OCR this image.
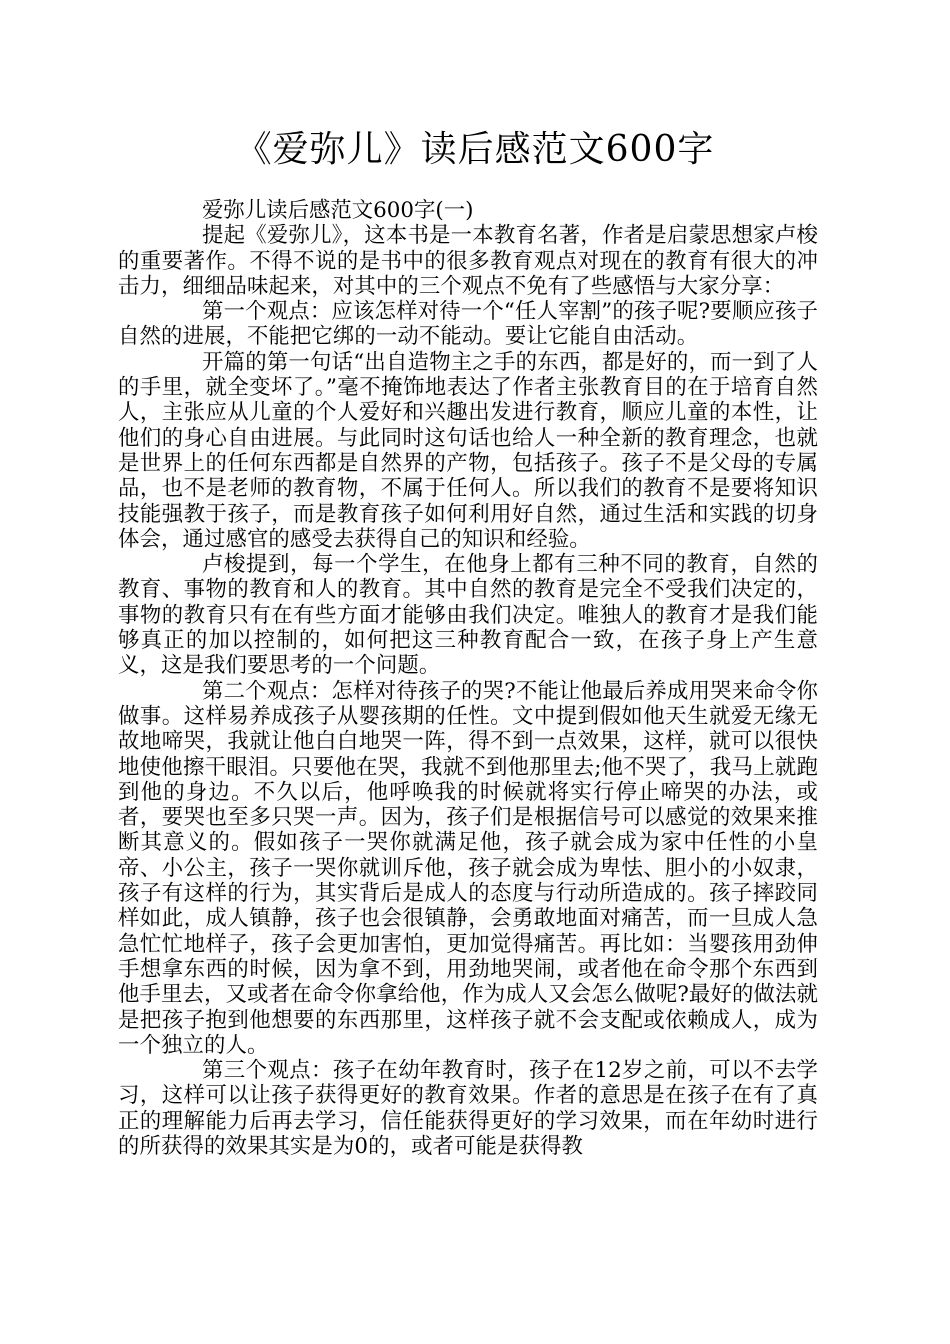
《爱弥儿》读后感范文600字

爱弥儿读后感范文600字(一)

提起《爱弥儿》，这本书是一本教育名著，作者是启蒙思想家卢梭的重要著作。不得不说的是书中的很多教育观点对现在的教育有很大的冲击力，细细品味起来，对其中的三个观点不免有了些感悟与大家分享：

第一个观点：应该怎样对待一个“任人宰割”的孩子呢?要顺应孩子自然的进展，不能把它绑的一动不能动。要让它能自由活动。

开篇的第一句话“出自造物主之手的东西，都是好的，而一到了人的手里，就全变坏了。”毫不掩饰地表达了作者主张教育目的在于培育自然人，主张应从儿童的个人爱好和兴趣出发进行教育，顺应儿童的本性，让他们的身心自由进展。与此同时这句话也给人一种全新的教育理念，也就是世界上的任何东西都是自然界的产物，包括孩子。孩子不是父母的专属品，也不是老师的教育物，不属于任何人。所以我们的教育不是要将知识技能强教于孩子，而是教育孩子如何利用好自然，通过生活和实践的切身体会，通过感官的感受去获得自己的知识和经验。

卢梭提到，每一个学生，在他身上都有三种不同的教育，自然的教育、事物的教育和人的教育。其中自然的教育是完全不受我们决定的，事物的教育只有在有些方面才能够由我们决定。唯独人的教育才是我们能够真正的加以控制的，如何把这三种教育配合一致，在孩子身上产生意义，这是我们要思考的一个问题。

第二个观点：怎样对待孩子的哭?不能让他最后养成用哭来命令你做事。这样易养成孩子从婴孩期的任性。文中提到假如他天生就爱无缘无故地啼哭，我就让他白白地哭一阵，得不到一点效果，这样，就可以很快地使他擦干眼泪。只要他在哭，我就不到他那里去;他不哭了，我马上就跑到他的身边。不久以后，他呼唤我的时候就将实行停止啼哭的办法，或者，要哭也至多只哭一声。因为，孩子们是根据信号可以感觉的效果来推断其意义的。假如孩子一哭你就满足他，孩子就会成为家中任性的小皇帝、小公主，孩子一哭你就训斥他，孩子就会成为卑怯、胆小的小奴隶，孩子有这样的行为，其实背后是成人的态度与行动所造成的。孩子摔跤同样如此，成人镇静，孩子也会很镇静，会勇敢地面对痛苦，而一旦成人急急忙忙地样子，孩子会更加害怕，更加觉得痛苦。再比如：当婴孩用劲伸手想拿东西的时候，因为拿不到，用劲地哭闹，或者他在命令那个东西到他手里去，又或者在命令你拿给他，作为成人又会怎么做呢?最好的做法就是把孩子抱到他想要的东西那里，这样孩子就不会支配或依赖成人，成为一个独立的人。

第三个观点：孩子在幼年教育时，孩子在12岁之前，可以不去学习，这样可以让孩子获得更好的教育效果。作者的意思是在孩子在有了真正的理解能力后再去学习，信任能获得更好的学习效果，而在年幼时进行的所获得的效果其实是为0的，或者可能是获得教
